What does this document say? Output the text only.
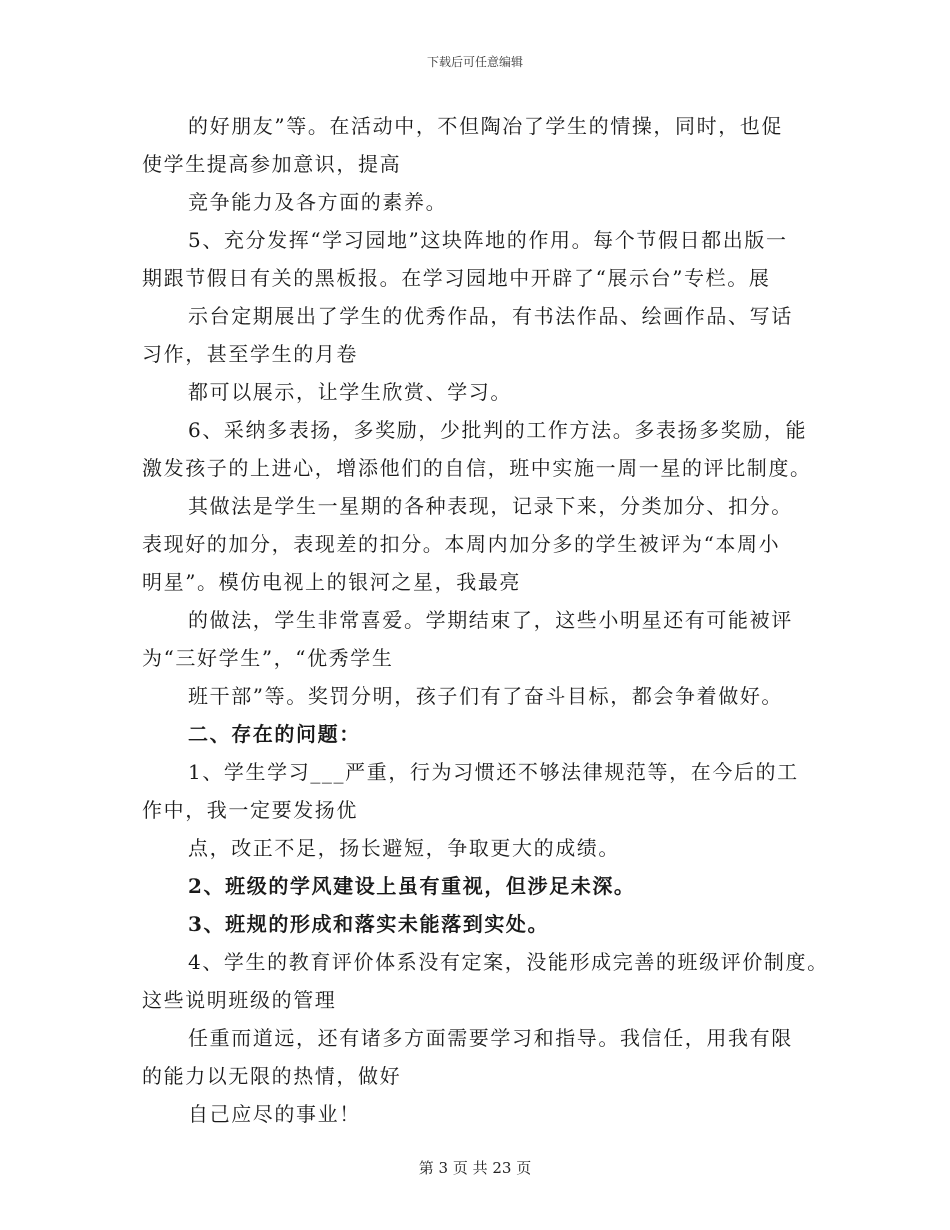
下载后可任意编辑
的好朋友”等。在活动中，不但陶冶了学生的情操，同时，也促
使学生提高参加意识，提高
竞争能力及各方面的素养。
5、充分发挥“学习园地”这块阵地的作用。每个节假日都出版一
期跟节假日有关的黑板报。在学习园地中开辟了“展示台”专栏。展
示台定期展出了学生的优秀作品，有书法作品、绘画作品、写话
习作，甚至学生的月卷
都可以展示，让学生欣赏、学习。
6、采纳多表扬，多奖励，少批判的工作方法。多表扬多奖励，能
激发孩子的上进心，增添他们的自信，班中实施一周一星的评比制度。
其做法是学生一星期的各种表现，记录下来，分类加分、扣分。
表现好的加分，表现差的扣分。本周内加分多的学生被评为“本周小
明星”。模仿电视上的银河之星，我最亮
的做法，学生非常喜爱。学期结束了，这些小明星还有可能被评
为“三好学生”，“优秀学生
班干部”等。奖罚分明，孩子们有了奋斗目标，都会争着做好。
二、存在的问题：
1、学生学习___严重，行为习惯还不够法律规范等，在今后的工
作中，我一定要发扬优
点，改正不足，扬长避短，争取更大的成绩。
2、班级的学风建设上虽有重视，但涉足未深。
3、班规的形成和落实未能落到实处。
4、学生的教育评价体系没有定案，没能形成完善的班级评价制度。
这些说明班级的管理
任重而道远，还有诸多方面需要学习和指导。我信任，用我有限
的能力以无限的热情，做好
自己应尽的事业！
第 3 页 共 23 页
